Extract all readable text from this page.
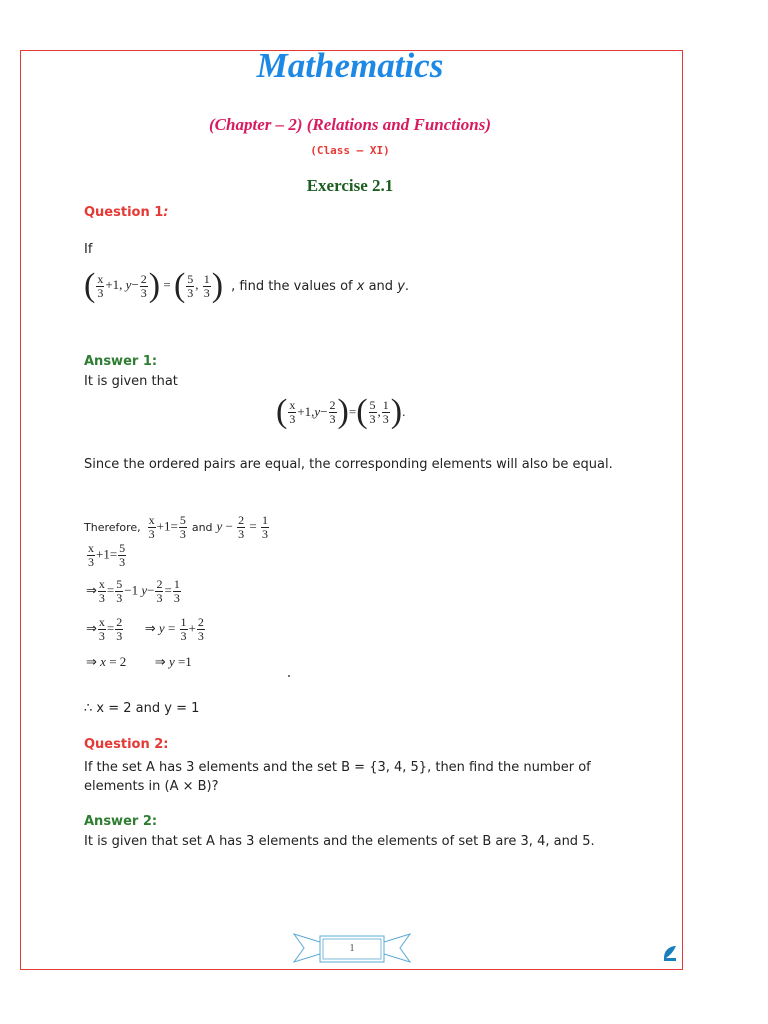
Mathematics
(Chapter – 2) (Relations and Functions)
(Class – XI)
Exercise 2.1
Question 1:
If
( $\frac{x}{3} +1$, $y- \frac{2}{3}$ ) = ( $\frac{5}{3}$ , $\frac{1}{3}$ ) , find the values of x and y.
Answer 1:
It is given that
( $\frac{x}{3} +1$, $y - \frac{2}{3}$ ) = ( $\frac{5}{3}$ , $\frac{1}{3}$ ) .
Since the ordered pairs are equal, the corresponding elements will also be equal.
Therefore, $\frac{x}{3} +1= \frac{5}{3}$ and $y - \frac{2}{3} = \frac{1}{3}$
$\frac{x}{3} +1= \frac{5}{3}$
⇒ $\frac{x}{3} = \frac{5}{3} -1$ $y- \frac{2}{3} = \frac{1}{3}$
⇒ $\frac{x}{3} = \frac{2}{3}$ ⇒ $y = \frac{1}{3} + \frac{2}{3}$
⇒ x = 2  ⇒ y =1
∴ x = 2 and y = 1
Question 2:
If the set A has 3 elements and the set B = {3, 4, 5}, then find the number of elements in (A × B)?
Answer 2:
It is given that set A has 3 elements and the elements of set B are 3, 4, and 5.
1
